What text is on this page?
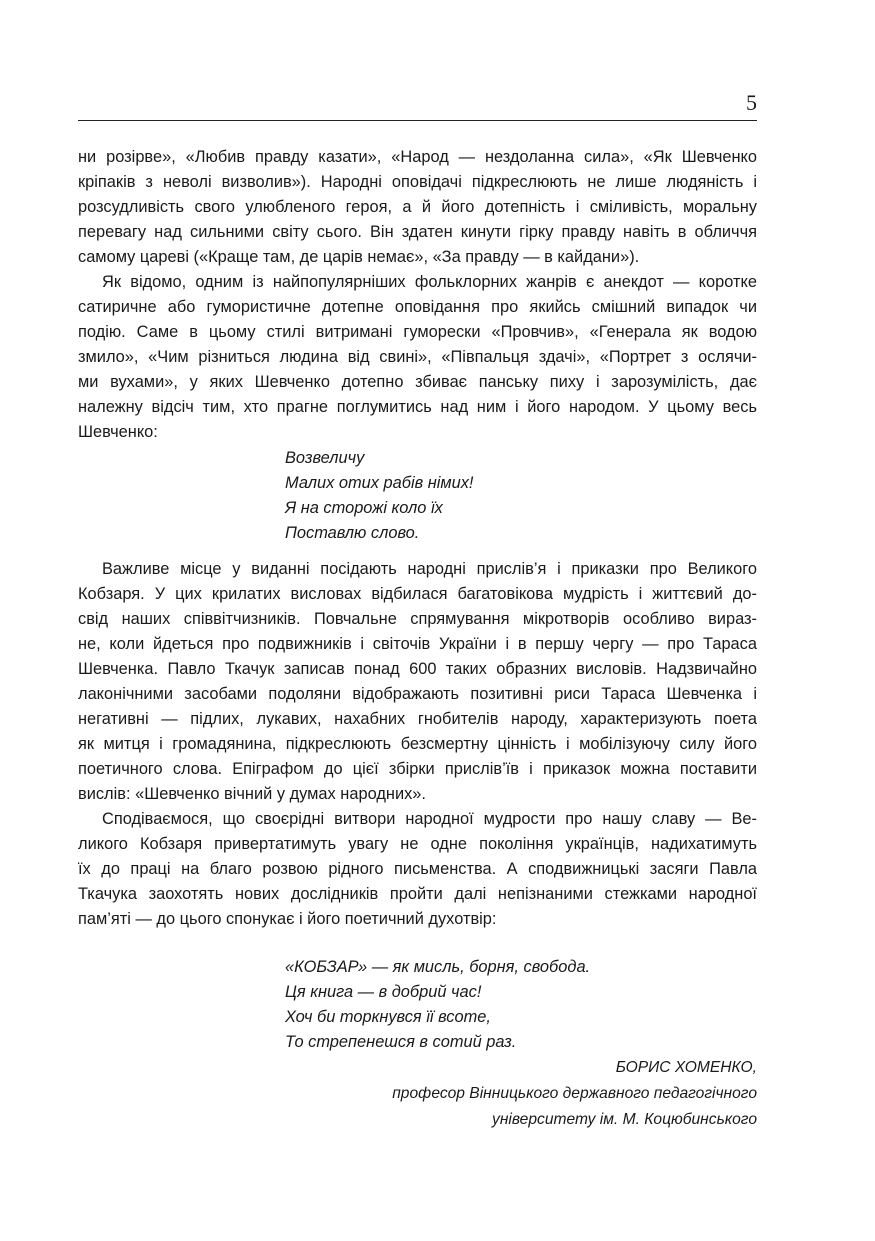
5
ни розірве», «Любив правду казати», «Народ — нездоланна сила», «Як Шевченко
кріпаків з неволі визволив»). Народні оповідачі підкреслюють не лише людяність і
розсудливість свого улюбленого героя, а й його дотепність і сміливість, моральну
перевагу над сильними світу сього. Він здатен кинути гірку правду навіть в обличчя
самому цареві («Краще там, де царів немає», «За правду — в кайдани»).
Як відомо, одним із найпопулярніших фольклорних жанрів є анекдот — коротке
сатиричне або гумористичне дотепне оповідання про якийсь смішний випадок чи
подію. Саме в цьому стилі витримані гуморески «Провчив», «Генерала як водою
змило», «Чим різниться людина від свині», «Півпальця здачі», «Портрет з ослячи-
ми вухами», у яких Шевченко дотепно збиває панську пиху і зарозумілість, дає
належну відсіч тим, хто прагне поглумитись над ним і його народом. У цьому весь
Шевченко:
Возвеличу
Малих отих рабів німих!
Я на сторожі коло їх
Поставлю слово.
Важливе місце у виданні посідають народні прислів’я і приказки про Великого
Кобзаря. У цих крилатих висловах відбилася багатовікова мудрість і життєвий до-
свід наших співвітчизників. Повчальне спрямування мікротворів особливо вираз-
не, коли йдеться про подвижників і світочів України і в першу чергу — про Тараса
Шевченка. Павло Ткачук записав понад 600 таких образних висловів. Надзвичайно
лаконічними засобами подоляни відображають позитивні риси Тараса Шевченка і
негативні — підлих, лукавих, нахабних гнобителів народу, характеризують поета
як митця і громадянина, підкреслюють безсмертну цінність і мобілізуючу силу його
поетичного слова. Епіграфом до цієї збірки прислів’їв і приказок можна поставити
вислів: «Шевченко вічний у думах народних».
Сподіваємося, що своєрідні витвори народної мудрости про нашу славу — Ве-
ликого Кобзаря привертатимуть увагу не одне покоління українців, надихатимуть
їх до праці на благо розвою рідного письменства. А сподвижницькі засяги Павла
Ткачука заохотять нових дослідників пройти далі непізнаними стежками народної
пам’яті — до цього спонукає і його поетичний духотвір:
«КОБЗАР» — як мисль, борня, свобода.
Ця книга — в добрий час!
Хоч би торкнувся її всоте,
То стрепенешся в сотий раз.
БОРИС ХОМЕНКО,
професор Вінницького державного педагогічного
університету ім. М. Коцюбинського
